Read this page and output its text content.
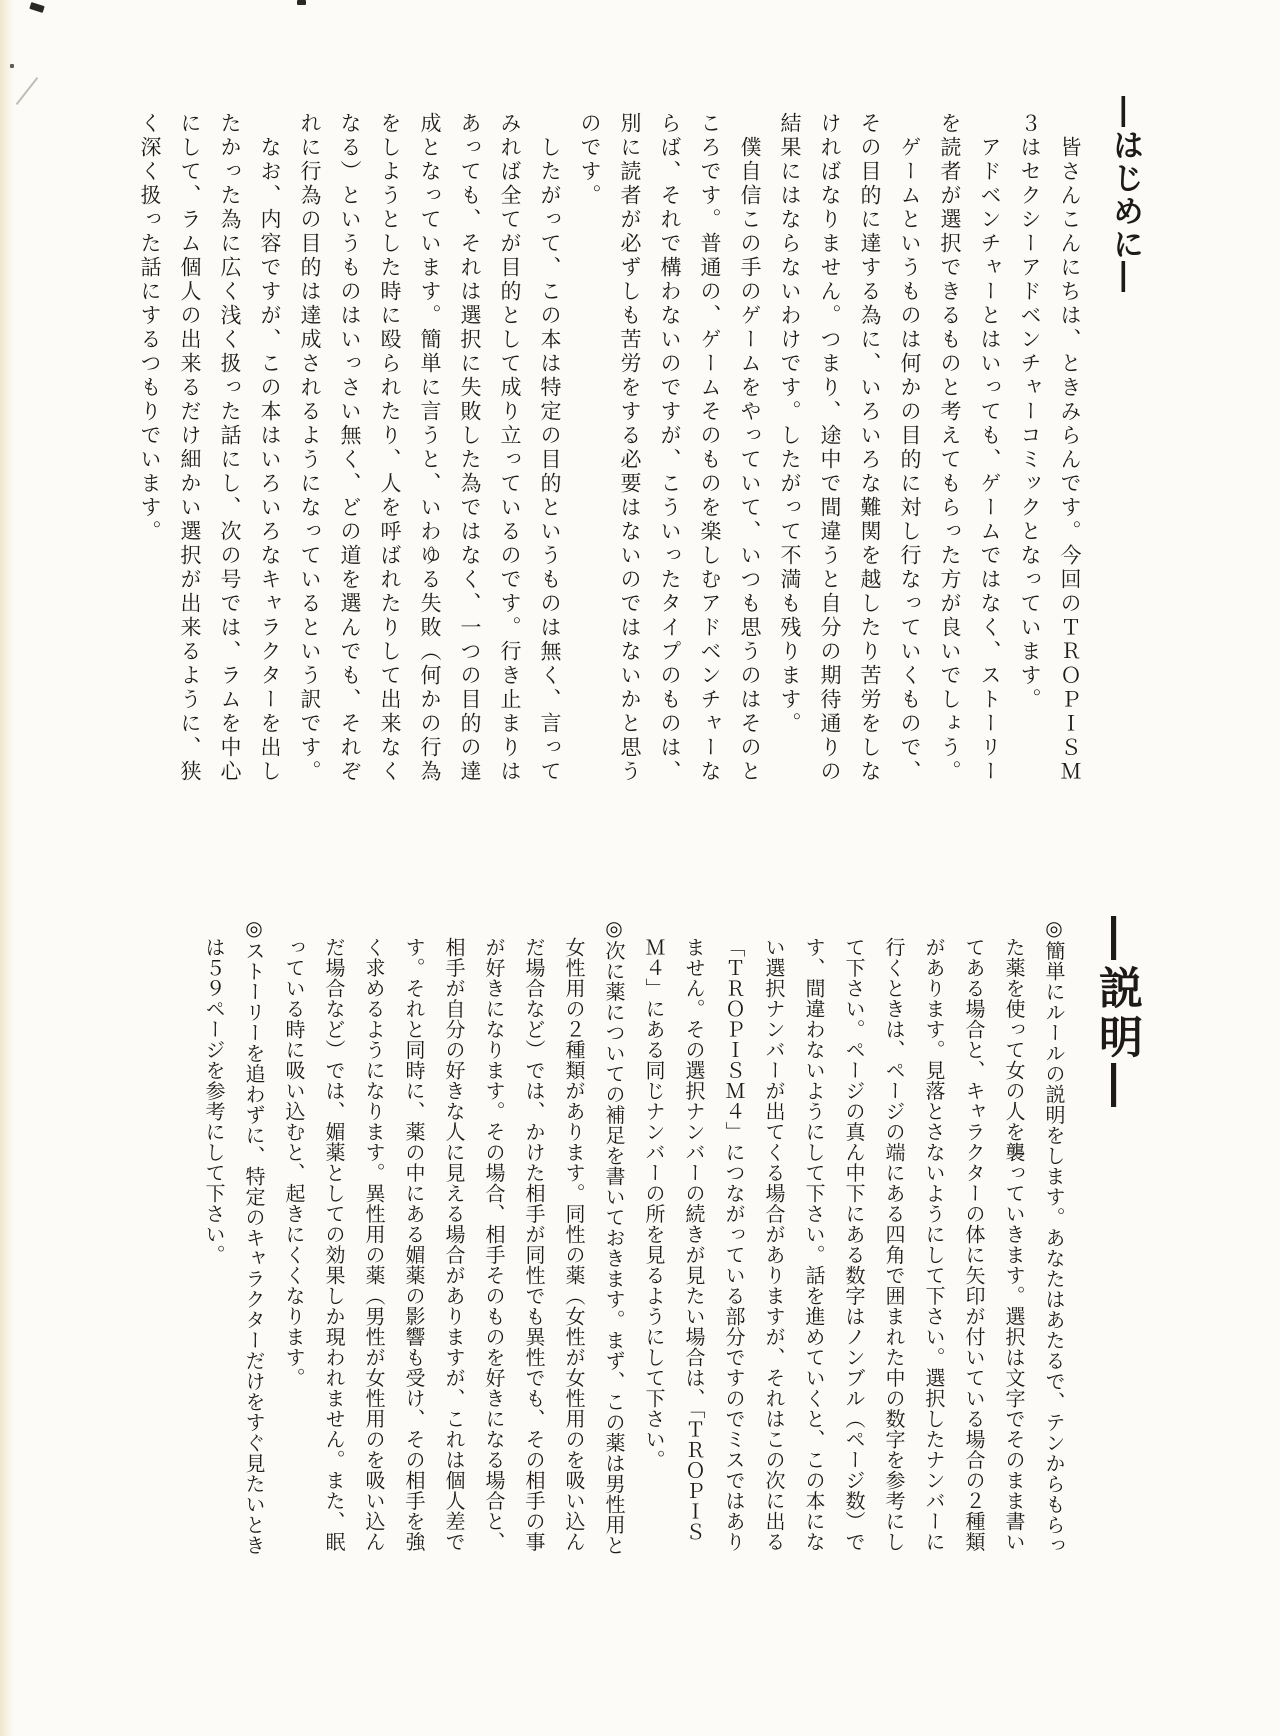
―はじめに―

皆さんこんにちは、ときみらんです。今回のＴＲＯＰＩＳＭ３はセクシーアドベンチャーコミックとなっています。

アドベンチャーとはいっても、ゲームではなく、ストーリーを読者が選択できるものと考えてもらった方が良いでしょう。

ゲームというものは何かの目的に対し行なっていくもので、その目的に達する為に、いろいろな難関を越したり苦労をしなければなりません。つまり、途中で間違うと自分の期待通りの結果にはならないわけです。したがって不満も残ります。

僕自信この手のゲームをやっていて、いつも思うのはそのところです。普通の、ゲームそのものを楽しむアドベンチャーならば、それで構わないのですが、こういったタイプのものは、別に読者が必ずしも苦労をする必要はないのではないかと思うのです。

したがって、この本は特定の目的というものは無く、言ってみれば全てが目的として成り立っているのです。行き止まりはあっても、それは選択に失敗した為ではなく、一つの目的の達成となっています。簡単に言うと、いわゆる失敗（何かの行為をしようとした時に殴られたり、人を呼ばれたりして出来なくなる）というものはいっさい無く、どの道を選んでも、それぞれに行為の目的は達成されるようになっているという訳です。

なお、内容ですが、この本はいろいろなキャラクターを出したかった為に広く浅く扱った話にし、次の号では、ラムを中心にして、ラム個人の出来るだけ細かい選択が出来るように、狭く深く扱った話にするつもりでいます。

―説明―

◎簡単にルールの説明をします。あなたはあたるで、テンからもらった薬を使って女の人を襲っていきます。選択は文字でそのまま書いてある場合と、キャラクターの体に矢印が付いている場合の２種類があります。見落とさないようにして下さい。選択したナンバーに行くときは、ページの端にある四角で囲まれた中の数字を参考にして下さい。ページの真ん中下にある数字はノンブル（ページ数）です、間違わないようにして下さい。話を進めていくと、この本にない選択ナンバーが出てくる場合がありますが、それはこの次に出る「ＴＲＯＰＩＳＭ４」につながっている部分ですのでミスではありません。その選択ナンバーの続きが見たい場合は、「ＴＲＯＰＩＳＭ４」にある同じナンバーの所を見るようにして下さい。

◎次に薬についての補足を書いておきます。まず、この薬は男性用と女性用の２種類があります。同性の薬（女性が女性用のを吸い込んだ場合など）では、かけた相手が同性でも異性でも、その相手の事が好きになります。その場合、相手そのものを好きになる場合と、相手が自分の好きな人に見える場合がありますが、これは個人差です。それと同時に、薬の中にある媚薬の影響も受け、その相手を強く求めるようになります。異性用の薬（男性が女性用のを吸い込んだ場合など）では、媚薬としての効果しか現われません。また、眠っている時に吸い込むと、起きにくくなります。

◎ストーリーを追わずに、特定のキャラクターだけをすぐ見たいときは５９ページを参考にして下さい。
